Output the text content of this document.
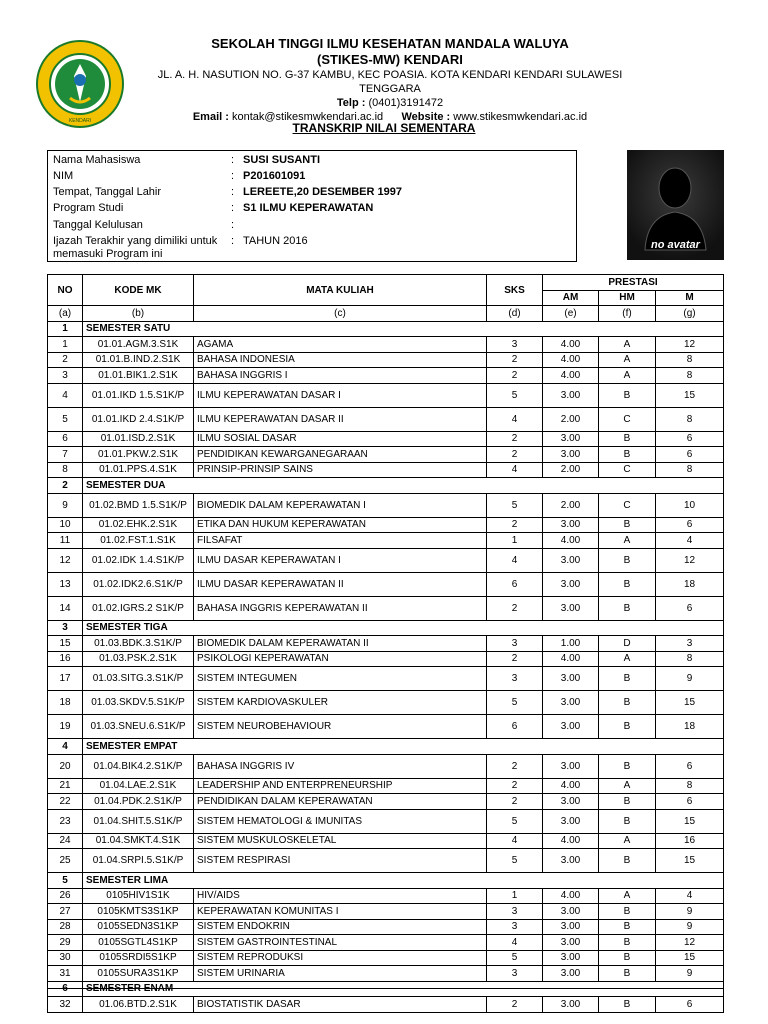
KENDARI
SEKOLAH TINGGI ILMU KESEHATAN MANDALA WALUYA
(STIKES-MW) KENDARI
JL. A. H. NASUTION NO. G-37 KAMBU, KEC POASIA. KOTA KENDARI KENDARI SULAWESI TENGGARA
Telp : (0401)3191472
Email : kontak@stikesmwkendari.ac.id Website : www.stikesmwkendari.ac.id
TRANSKRIP NILAI SEMENTARA
Nama Mahasiswa	: SUSI SUSANTI
NIM	: P201601091
Tempat, Tanggal Lahir	: LEREETE,20 DESEMBER 1997
Program Studi	: S1 ILMU KEPERAWATAN
Tanggal Kelulusan	:
Ijazah Terakhir yang dimiliki untuk memasuki Program ini
: TAHUN 2016	no avatar
NO	KODE MK	MATA KULIAH	SKS	PRESTASI		
				AM	HM	M
(a)	(b)	(c)	(d)	(e)	(f)	(g)
1	SEMESTER SATU					
1	01.01.AGM.3.S1K	AGAMA	3	4.00	A	12
2	01.01.B.IND.2.S1K	BAHASA INDONESIA	2	4.00	A	8
3	01.01.BIK1.2.S1K	BAHASA INGGRIS I	2	4.00	A	8
4	01.01.IKD 1.5.S1K/P	ILMU KEPERAWATAN DASAR I	5	3.00	B	15
5	01.01.IKD 2.4.S1K/P	ILMU KEPERAWATAN DASAR II	4	2.00	C	8
6	01.01.ISD.2.S1K	ILMU SOSIAL DASAR	2	3.00	B	6
7	01.01.PKW.2.S1K	PENDIDIKAN KEWARGANEGARAAN	2	3.00	B	6
8	01.01.PPS.4.S1K	PRINSIP-PRINSIP SAINS	4	2.00	C	8
2	SEMESTER DUA					
9	01.02.BMD 1.5.S1K/P	BIOMEDIK DALAM KEPERAWATAN I	5	2.00	C	10
10	01.02.EHK.2.S1K	ETIKA DAN HUKUM KEPERAWATAN	2	3.00	B	6
11	01.02.FST.1.S1K	FILSAFAT	1	4.00	A	4
12	01.02.IDK 1.4.S1K/P	ILMU DASAR KEPERAWATAN I	4	3.00	B	12
13	01.02.IDK2.6.S1K/P	ILMU DASAR KEPERAWATAN II	6	3.00	B	18
14	01.02.IGRS.2 S1K/P	BAHASA INGGRIS KEPERAWATAN II	2	3.00	B	6
3	SEMESTER TIGA					
15	01.03.BDK.3.S1K/P	BIOMEDIK DALAM KEPERAWATAN II	3	1.00	D	3
16	01.03.PSK.2.S1K	PSIKOLOGI KEPERAWATAN	2	4.00	A	8
17	01.03.SITG.3.S1K/P	SISTEM INTEGUMEN	3	3.00	B	9
18	01.03.SKDV.5.S1K/P	SISTEM KARDIOVASKULER	5	3.00	B	15
19	01.03.SNEU.6.S1K/P	SISTEM NEUROBEHAVIOUR	6	3.00	B	18
4	SEMESTER EMPAT					
20	01.04.BIK4.2.S1K/P	BAHASA INGGRIS IV	2	3.00	B	6
21	01.04.LAE.2.S1K	LEADERSHIP AND ENTERPRENEURSHIP	2	4.00	A	8
22	01.04.PDK.2.S1K/P	PENDIDIKAN DALAM KEPERAWATAN	2	3.00	B	6
23	01.04.SHIT.5.S1K/P	SISTEM HEMATOLOGI & IMUNITAS	5	3.00	B	15
24	01.04.SMKT.4.S1K	SISTEM MUSKULOSKELETAL	4	4.00	A	16
25	01.04.SRPI.5.S1K/P	SISTEM RESPIRASI	5	3.00	B	15
5	SEMESTER LIMA					
26	0105HIV1S1K	HIV/AIDS	1	4.00	A	4
27	0105KMTS3S1KP	KEPERAWATAN KOMUNITAS I	3	3.00	B	9
28	0105SEDN3S1KP	SISTEM ENDOKRIN	3	3.00	B	9
29	0105SGTL4S1KP	SISTEM GASTROINTESTINAL	4	3.00	B	12
30	0105SRDI5S1KP	SISTEM REPRODUKSI	5	3.00	B	15
31	0105SURA3S1KP	SISTEM URINARIA	3	3.00	B	9
6	SEMESTER ENAM					
32	01.06.BTD.2.S1K	BIOSTATISTIK DASAR	2	3.00	B	6
